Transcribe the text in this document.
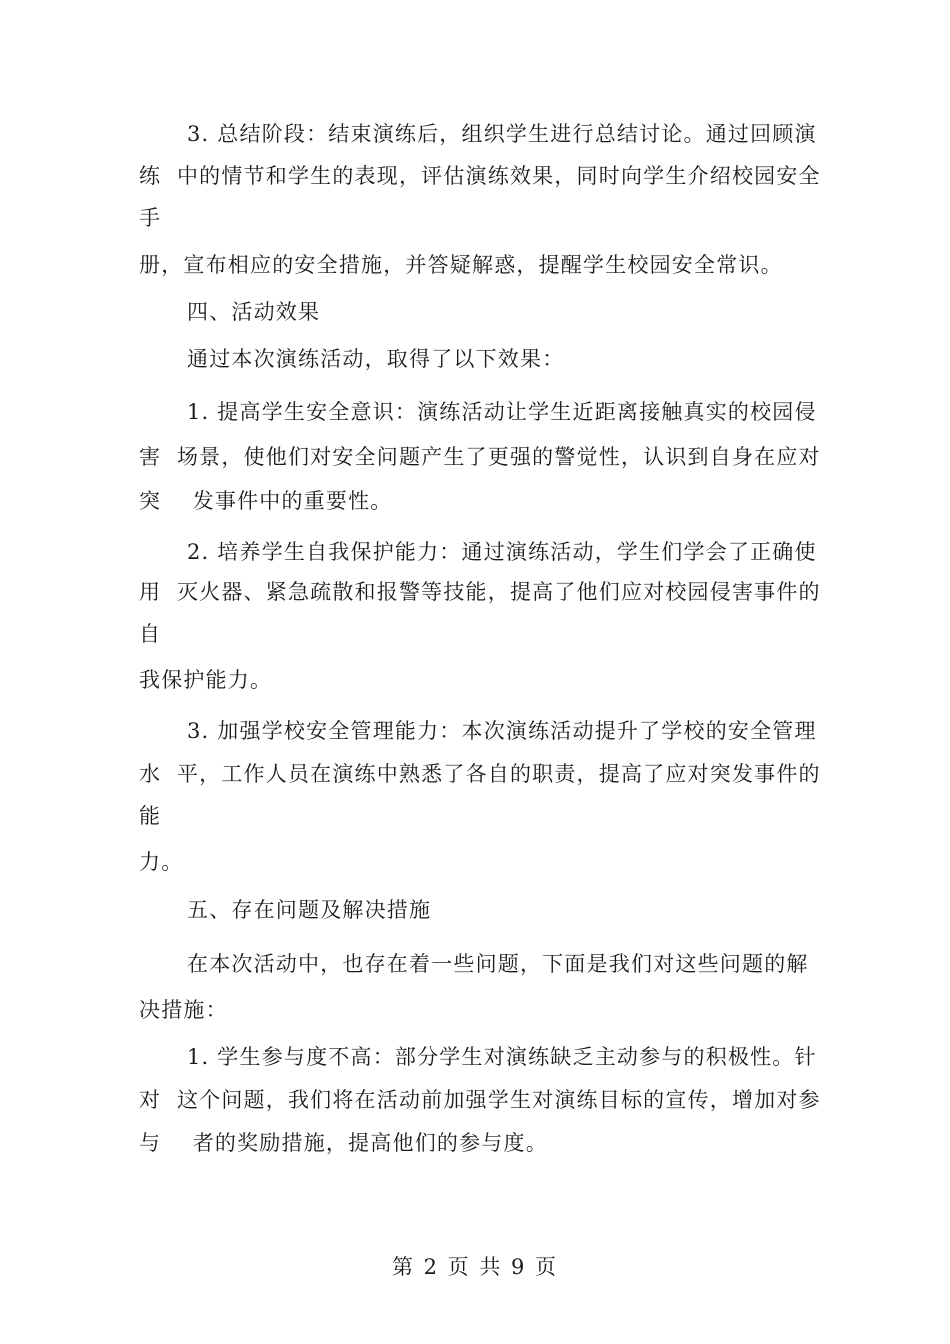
3. 总结阶段：结束演练后，组织学生进行总结讨论。通过回顾演
练  中的情节和学生的表现，评估演练效果，同时向学生介绍校园安全
手
册，宣布相应的安全措施，并答疑解惑，提醒学生校园安全常识。
四、活动效果
通过本次演练活动，取得了以下效果：
1. 提高学生安全意识：演练活动让学生近距离接触真实的校园侵
害  场景，使他们对安全问题产生了更强的警觉性，认识到自身在应对
突    发事件中的重要性。
2. 培养学生自我保护能力：通过演练活动，学生们学会了正确使
用  灭火器、紧急疏散和报警等技能，提高了他们应对校园侵害事件的
自
我保护能力。
3. 加强学校安全管理能力：本次演练活动提升了学校的安全管理
水  平，工作人员在演练中熟悉了各自的职责，提高了应对突发事件的
能
力。
五、存在问题及解决措施
在本次活动中，也存在着一些问题，下面是我们对这些问题的解
决措施：
1. 学生参与度不高：部分学生对演练缺乏主动参与的积极性。针
对  这个问题，我们将在活动前加强学生对演练目标的宣传，增加对参
与    者的奖励措施，提高他们的参与度。
第 2 页 共 9 页
